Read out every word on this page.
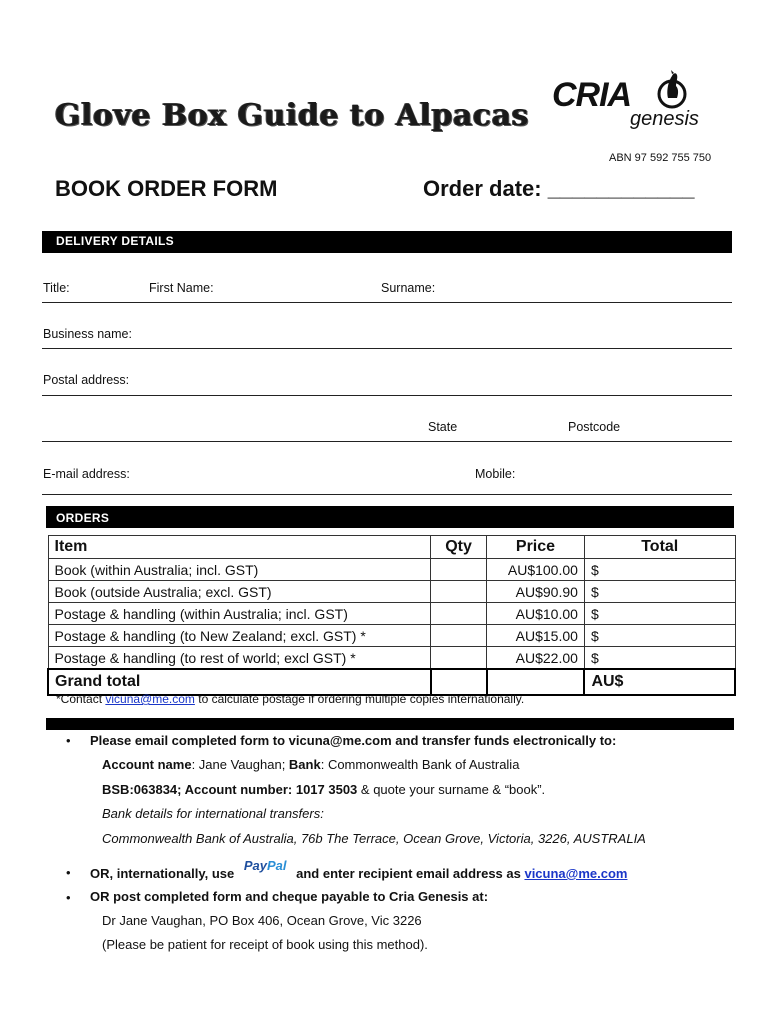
Glove Box Guide to Alpacas
CRIA
genesis
ABN 97 592 755 750
BOOK ORDER FORM	Order date: ____________
DELIVERY DETAILS
Title:	First Name:	Surname:
Business name:
Postal address:
State	Postcode
E-mail address:	Mobile:
ORDERS
Item	Qty	Price	Total
Book (within Australia; incl. GST)		AU$100.00	$
Book (outside Australia; excl. GST)		AU$90.90	$
Postage & handling (within Australia; incl. GST)		AU$10.00	$
Postage & handling (to New Zealand; excl. GST) *		AU$15.00	$
Postage & handling (to rest of world; excl GST) *		AU$22.00	$
Grand total			AU$
*Contact vicuna@me.com to calculate postage if ordering multiple copies internationally.
• Please email completed form to vicuna@me.com and transfer funds electronically to:
Account name: Jane Vaughan; Bank: Commonwealth Bank of Australia
BSB:063834; Account number: 1017 3503 & quote your surname & “book”.
Bank details for international transfers:
Commonwealth Bank of Australia, 76b The Terrace, Ocean Grove, Victoria, 3226, AUSTRALIA
• OR, internationally, use PayPal and enter recipient email address as vicuna@me.com
• OR post completed form and cheque payable to Cria Genesis at:
Dr Jane Vaughan, PO Box 406, Ocean Grove, Vic 3226
(Please be patient for receipt of book using this method).
